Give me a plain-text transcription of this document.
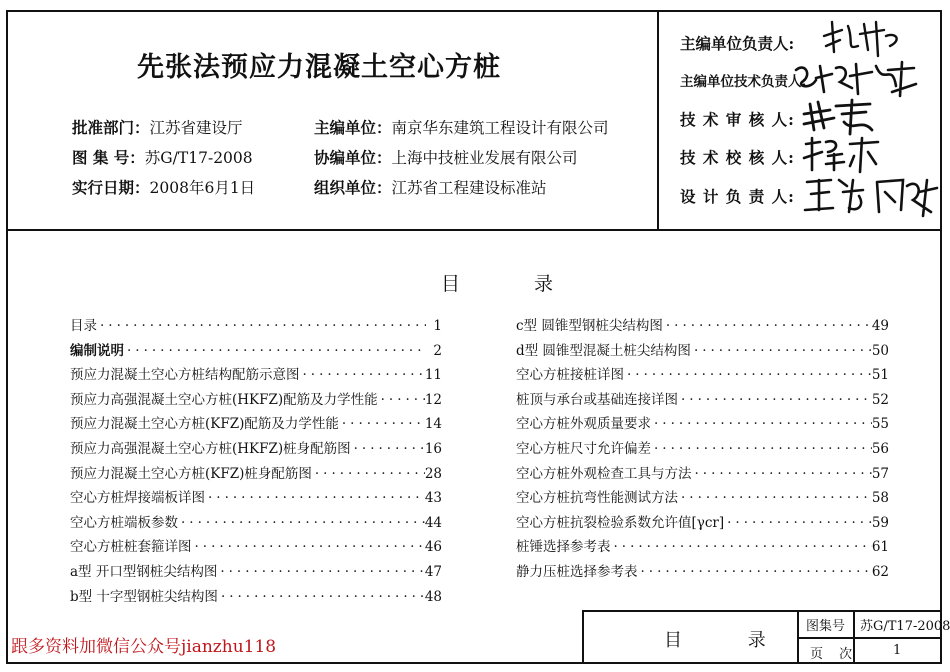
先张法预应力混凝土空心方桩
批准部门：江苏省建设厅
图 集 号：苏G/T17-2008
实行日期：2008年6月1日
主编单位：南京华东建筑工程设计有限公司
协编单位：上海中技桩业发展有限公司
组织单位：江苏省工程建设标准站
主编单位负责人:
主编单位技术负责人:
技 术 审 核 人:
技 术 校 核 人:
设 计 负 责 人:
目 录
目录 ·····	1
编制说明 ·····	2
预应力混凝土空心方桩结构配筋示意图 ·····	11
预应力高强混凝土空心方桩(HKFZ)配筋及力学性能 ·····	12
预应力混凝土空心方桩(KFZ)配筋及力学性能 ·····	14
预应力高强混凝土空心方桩(HKFZ)桩身配筋图 ·····	16
预应力混凝土空心方桩(KFZ)桩身配筋图 ·····	28
空心方桩焊接端板详图 ·····	43
空心方桩端板参数 ·····	44
空心方桩桩套箍详图 ·····	46
a型 开口型钢桩尖结构图 ·····	47
b型 十字型钢桩尖结构图 ·····	48
c型 圆锥型钢桩尖结构图 ·····	49
d型 圆锥型混凝土桩尖结构图 ·····	50
空心方桩接桩详图 ·····	51
桩顶与承台或基础连接详图 ·····	52
空心方桩外观质量要求 ·····	55
空心方桩尺寸允许偏差 ·····	56
空心方桩外观检查工具与方法 ·····	57
空心方桩抗弯性能测试方法 ·····	58
空心方桩抗裂检验系数允许值[γcr] ·····	59
桩锤选择参考表 ·····	61
静力压桩选择参考表 ·····	62
跟多资料加微信公众号jianzhu118	目 录
图集号 苏G/T17-2008
页 次	1
